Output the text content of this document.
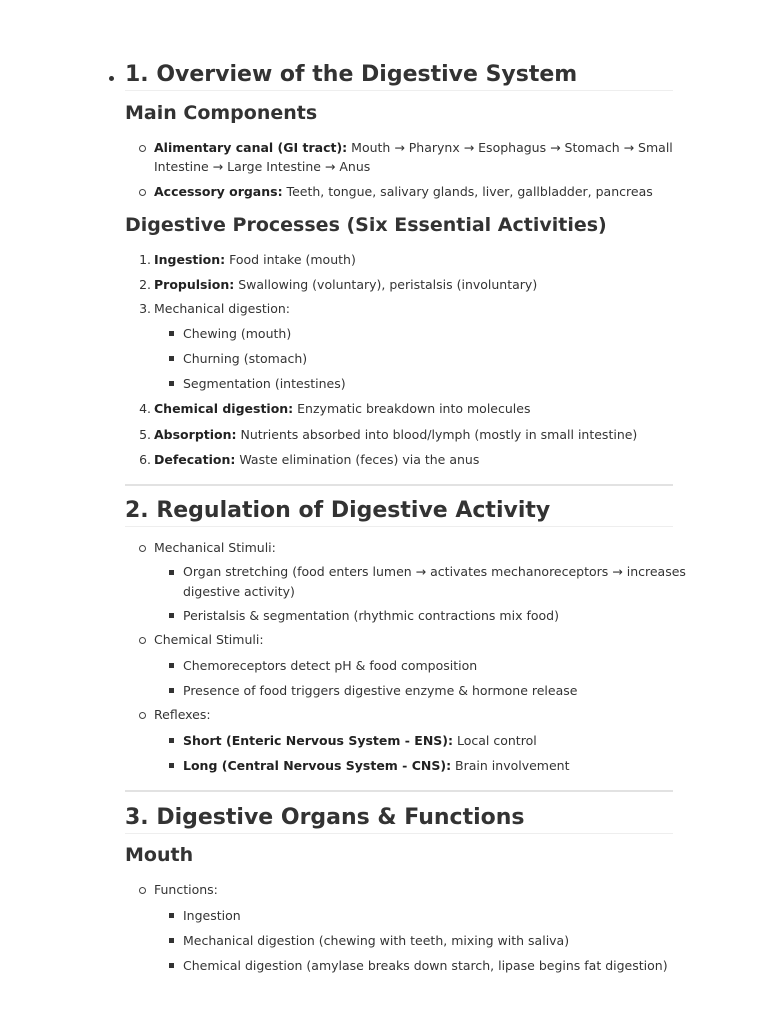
1. Overview of the Digestive System
Main Components
Alimentary canal (GI tract): Mouth → Pharynx → Esophagus → Stomach → Small
Intestine → Large Intestine → Anus
Accessory organs: Teeth, tongue, salivary glands, liver, gallbladder, pancreas
Digestive Processes (Six Essential Activities)
1. Ingestion: Food intake (mouth)
2. Propulsion: Swallowing (voluntary), peristalsis (involuntary)
3. Mechanical digestion:
Chewing (mouth)
Churning (stomach)
Segmentation (intestines)
4. Chemical digestion: Enzymatic breakdown into molecules
5. Absorption: Nutrients absorbed into blood/lymph (mostly in small intestine)
6. Defecation: Waste elimination (feces) via the anus
2. Regulation of Digestive Activity
Mechanical Stimuli:
Organ stretching (food enters lumen → activates mechanoreceptors → increases
digestive activity)
Peristalsis & segmentation (rhythmic contractions mix food)
Chemical Stimuli:
Chemoreceptors detect pH & food composition
Presence of food triggers digestive enzyme & hormone release
Reflexes:
Short (Enteric Nervous System - ENS): Local control
Long (Central Nervous System - CNS): Brain involvement
3. Digestive Organs & Functions
Mouth
Functions:
Ingestion
Mechanical digestion (chewing with teeth, mixing with saliva)
Chemical digestion (amylase breaks down starch, lipase begins fat digestion)
